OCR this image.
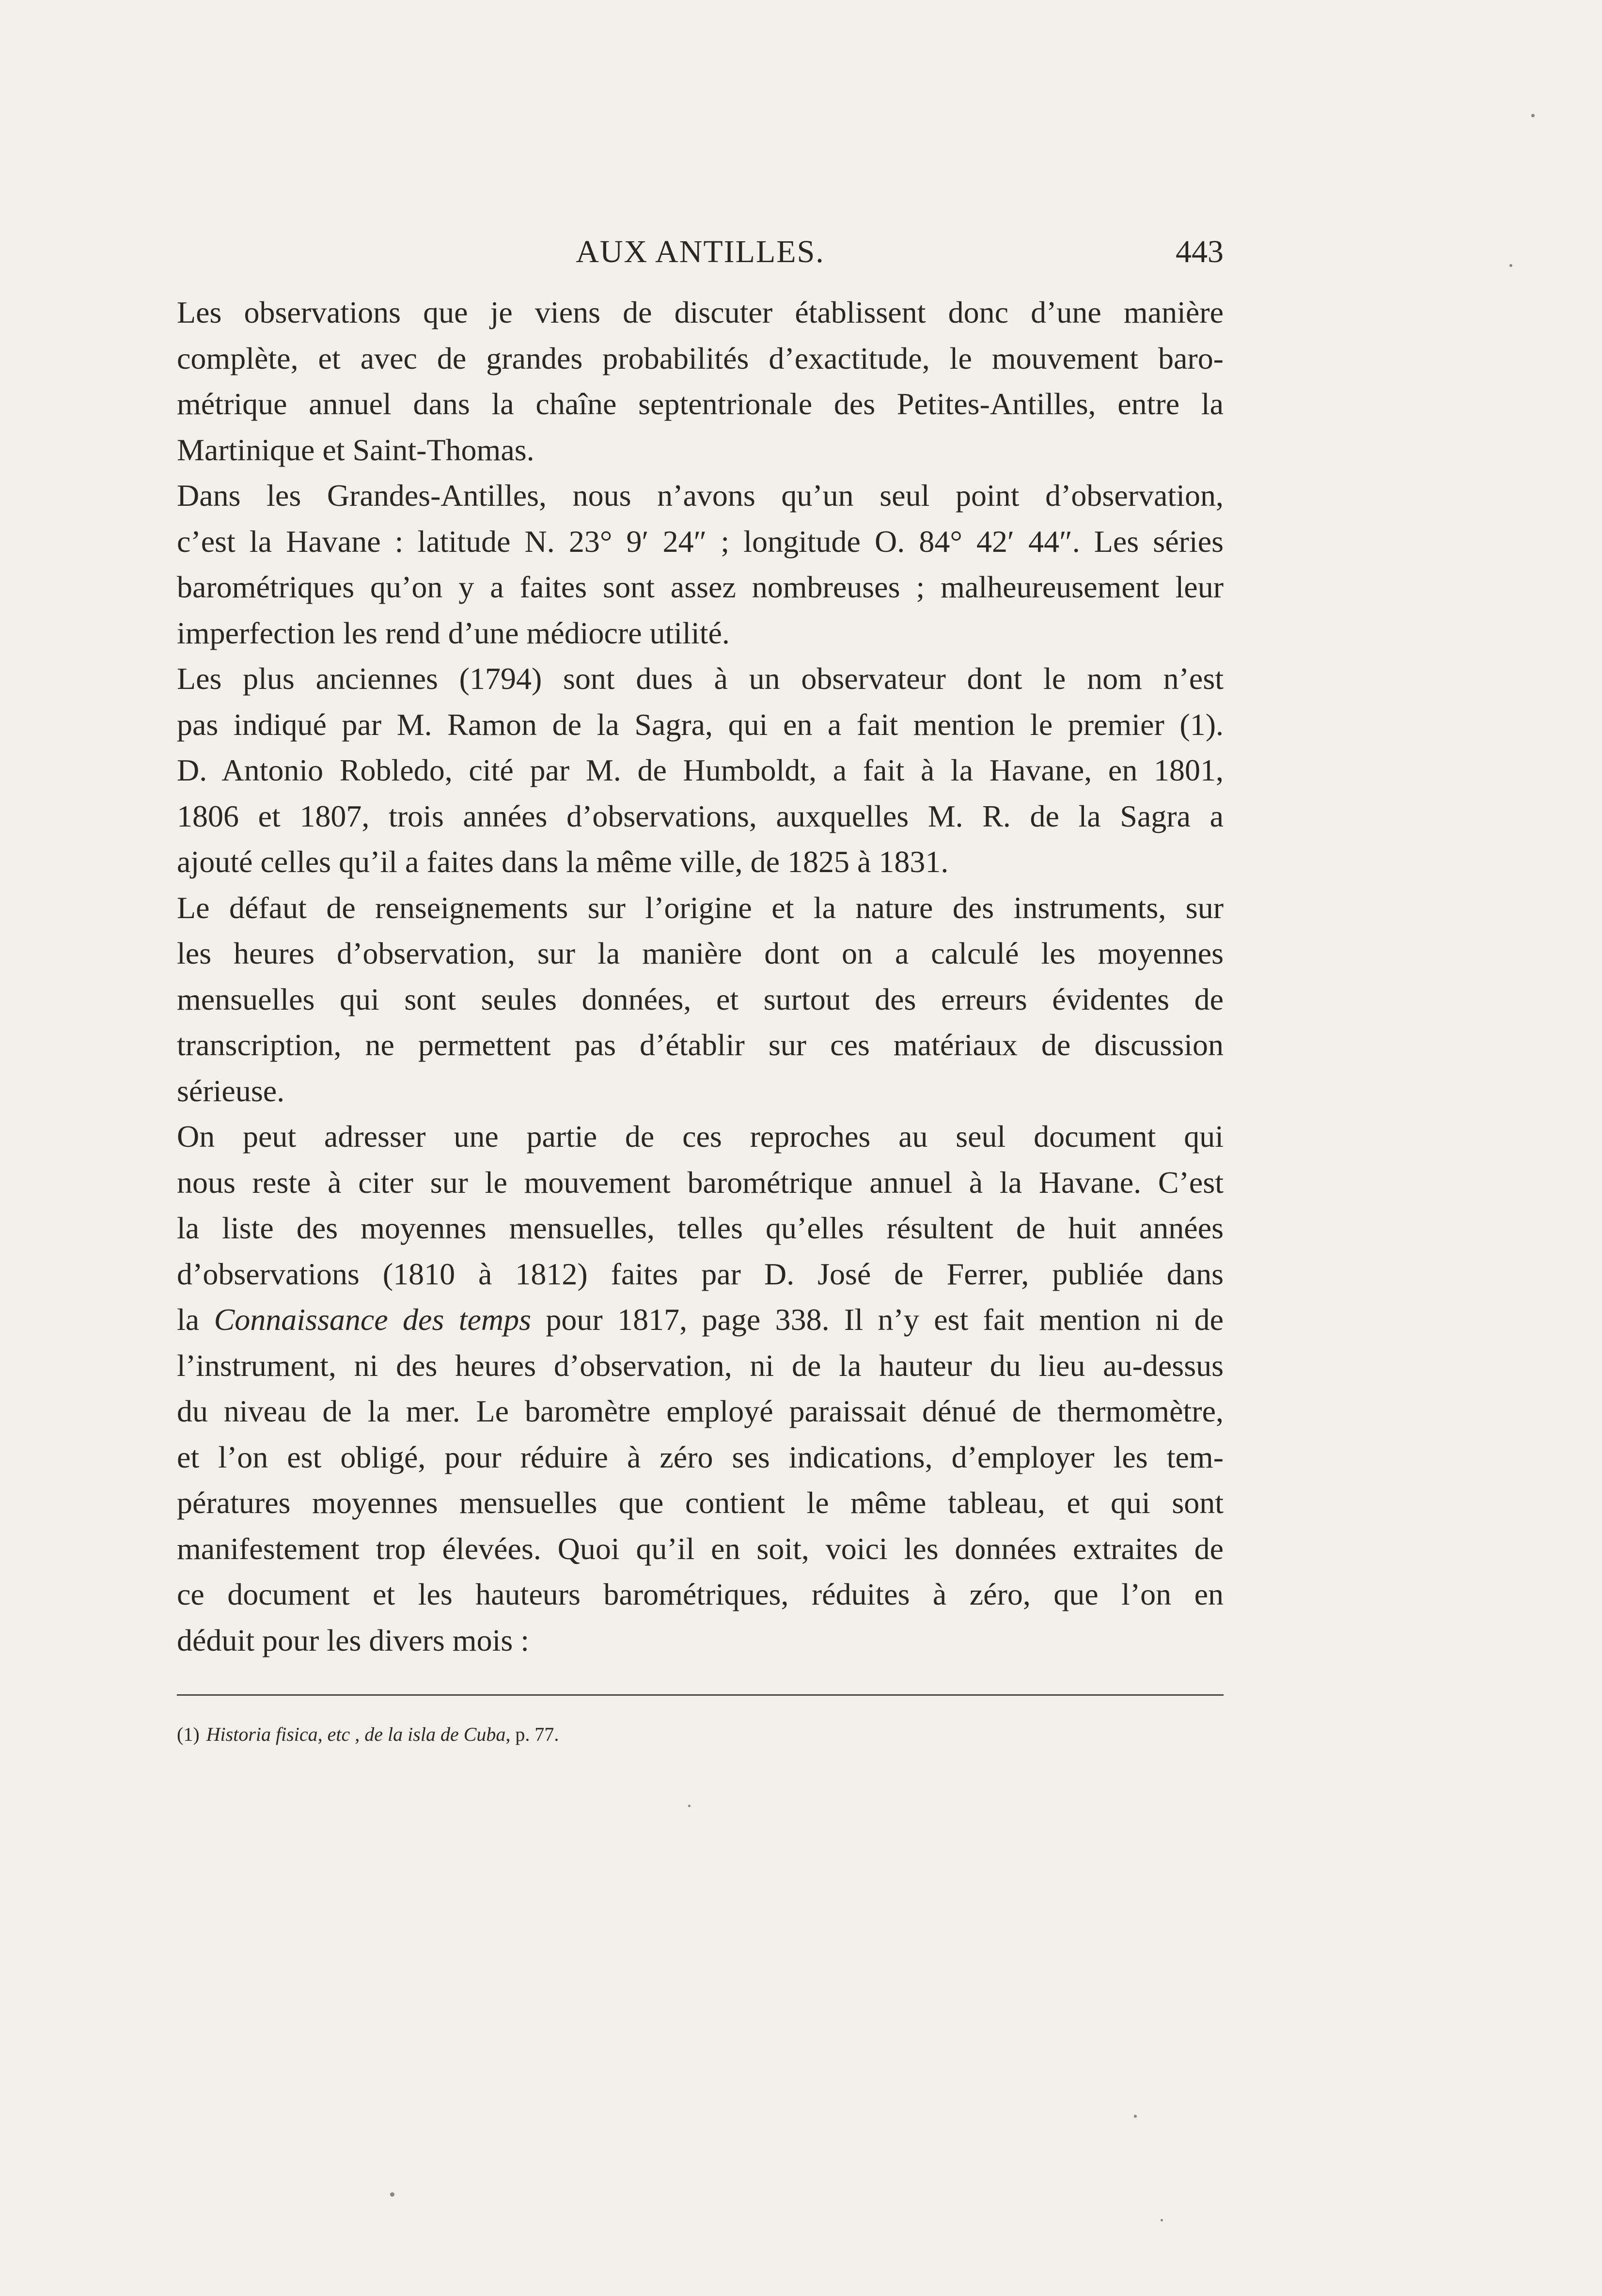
AUX ANTILLES.	443

Les observations que je viens de discuter établissent donc d’une manière
complète, et avec de grandes probabilités d’exactitude, le mouvement baro-
métrique annuel dans la chaîne septentrionale des Petites-Antilles, entre la
Martinique et Saint-Thomas.

Dans les Grandes-Antilles, nous n’avons qu’un seul point d’observation,
c’est la Havane : latitude N. 23° 9′ 24″ ; longitude O. 84° 42′ 44″. Les séries
barométriques qu’on y a faites sont assez nombreuses ; malheureusement leur
imperfection les rend d’une médiocre utilité.

Les plus anciennes (1794) sont dues à un observateur dont le nom n’est
pas indiqué par M. Ramon de la Sagra, qui en a fait mention le premier (1).
D. Antonio Robledo, cité par M. de Humboldt, a fait à la Havane, en 1801,
1806 et 1807, trois années d’observations, auxquelles M. R. de la Sagra a
ajouté celles qu’il a faites dans la même ville, de 1825 à 1831.

Le défaut de renseignements sur l’origine et la nature des instruments, sur
les heures d’observation, sur la manière dont on a calculé les moyennes
mensuelles qui sont seules données, et surtout des erreurs évidentes de
transcription, ne permettent pas d’établir sur ces matériaux de discussion
sérieuse.

On peut adresser une partie de ces reproches au seul document qui
nous reste à citer sur le mouvement barométrique annuel à la Havane. C’est
la liste des moyennes mensuelles, telles qu’elles résultent de huit années
d’observations (1810 à 1812) faites par D. José de Ferrer, publiée dans
la Connaissance des temps pour 1817, page 338. Il n’y est fait mention ni de
l’instrument, ni des heures d’observation, ni de la hauteur du lieu au-dessus
du niveau de la mer. Le baromètre employé paraissait dénué de thermomètre,
et l’on est obligé, pour réduire à zéro ses indications, d’employer les tem-
pératures moyennes mensuelles que contient le même tableau, et qui sont
manifestement trop élevées. Quoi qu’il en soit, voici les données extraites de
ce document et les hauteurs barométriques, réduites à zéro, que l’on en
déduit pour les divers mois :

(1) Historia fisica, etc , de la isla de Cuba, p. 77.
